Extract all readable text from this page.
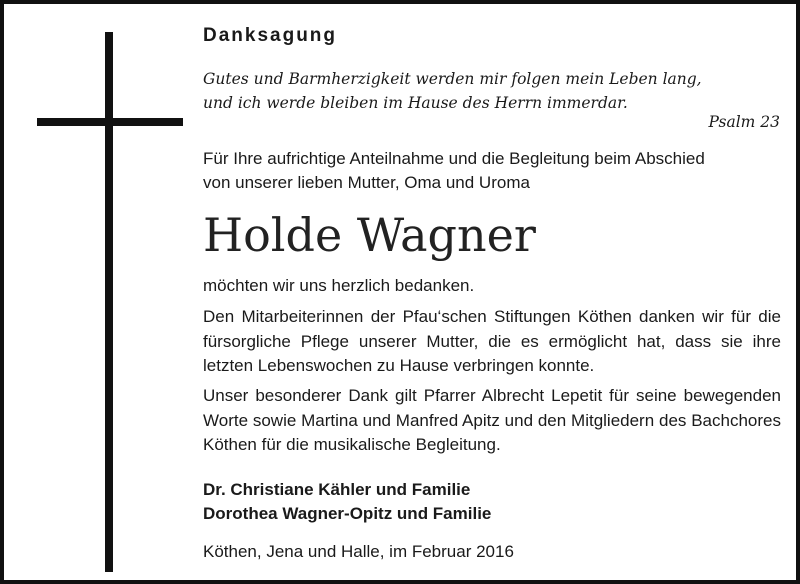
Danksagung
Gutes und Barmherzigkeit werden mir folgen mein Leben lang,
und ich werde bleiben im Hause des Herrn immerdar.
Psalm 23
Für Ihre aufrichtige Anteilnahme und die Begleitung beim Abschied
von unserer lieben Mutter, Oma und Uroma
Holde Wagner
möchten wir uns herzlich bedanken.
Den Mitarbeiterinnen der Pfau‘schen Stiftungen Köthen danken wir für die fürsorgliche Pflege unserer Mutter, die es ermöglicht hat, dass sie ihre letzten Lebenswochen zu Hause verbringen konnte.
Unser besonderer Dank gilt Pfarrer Albrecht Lepetit für seine bewegenden Worte sowie Martina und Manfred Apitz und den Mitgliedern des Bachchores Köthen für die musikalische Begleitung.
Dr. Christiane Kähler und Familie
Dorothea Wagner-Opitz und Familie
Köthen, Jena und Halle, im Februar 2016
